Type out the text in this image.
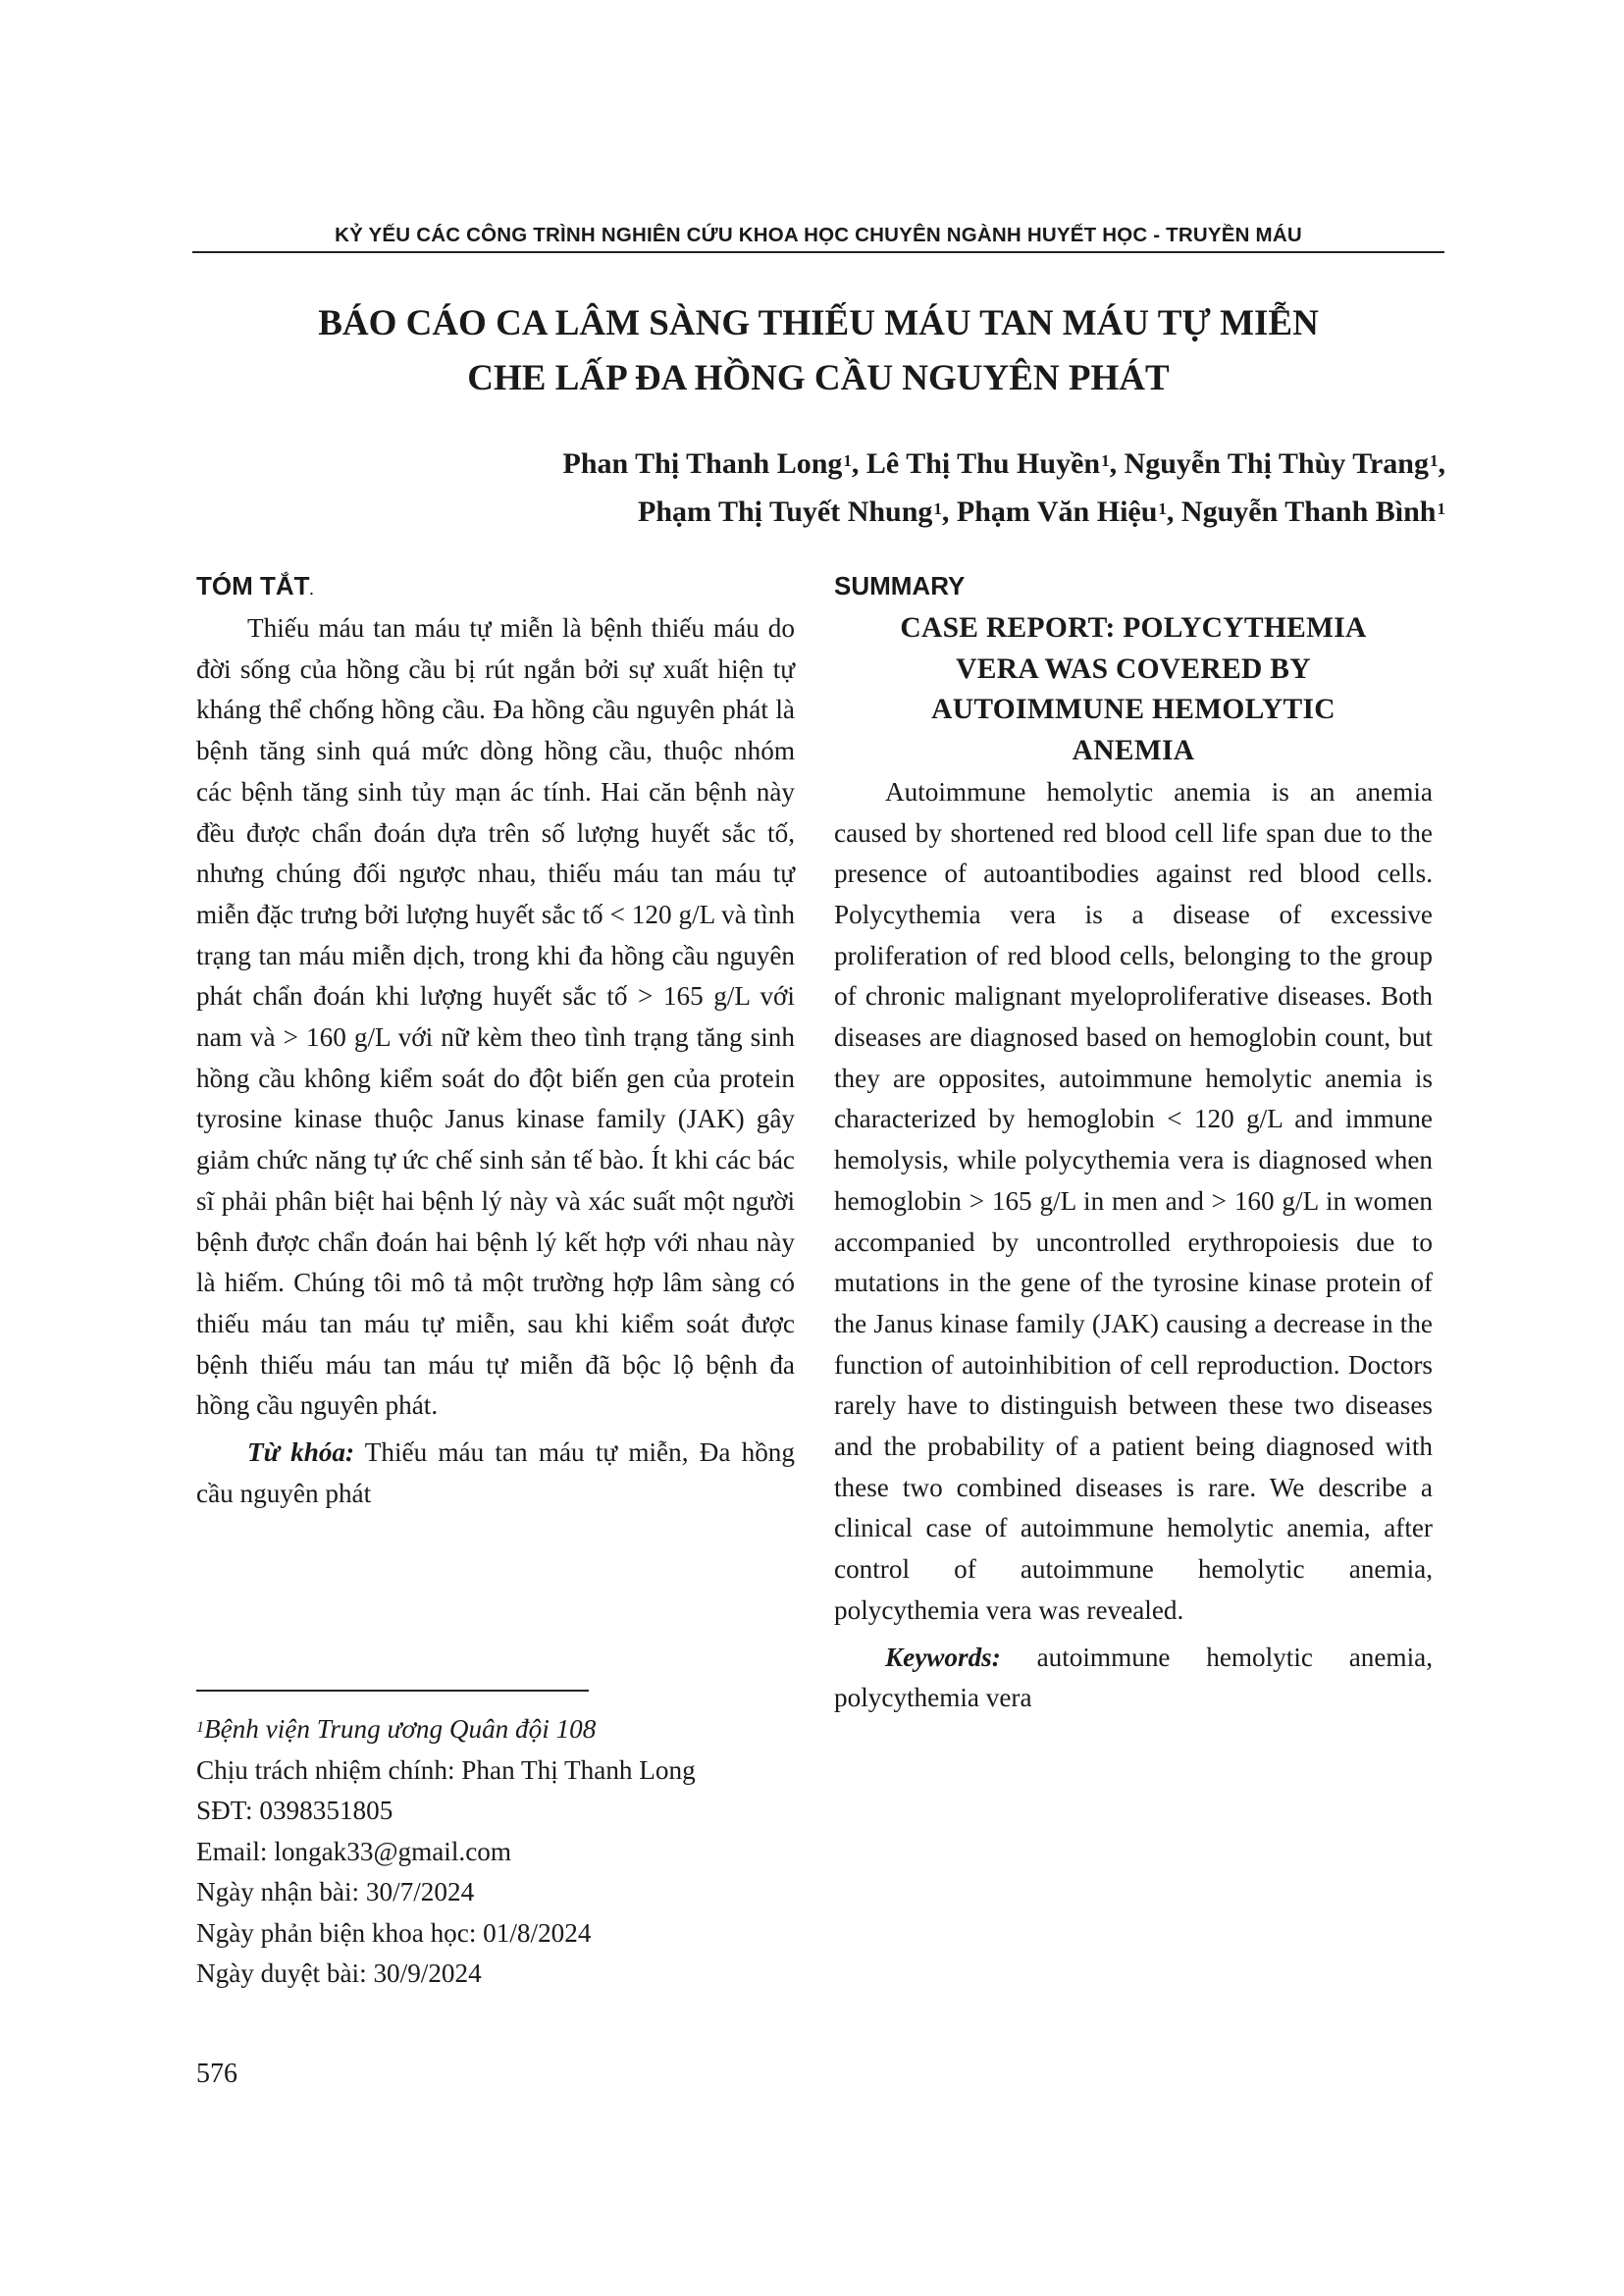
KỶ YẾU CÁC CÔNG TRÌNH NGHIÊN CỨU KHOA HỌC CHUYÊN NGÀNH HUYẾT HỌC - TRUYỀN MÁU
BÁO CÁO CA LÂM SÀNG THIẾU MÁU TAN MÁU TỰ MIỄN
CHE LẤP ĐA HỒNG CẦU NGUYÊN PHÁT
Phan Thị Thanh Long$^1$, Lê Thị Thu Huyền$^1$, Nguyễn Thị Thùy Trang$^1$,
Phạm Thị Tuyết Nhung$^1$, Phạm Văn Hiệu$^1$, Nguyễn Thanh Bình$^1$
TÓM TẮT.

Thiếu máu tan máu tự miễn là bệnh thiếu máu do đời sống của hồng cầu bị rút ngắn bởi sự xuất hiện tự kháng thể chống hồng cầu. Đa hồng cầu nguyên phát là bệnh tăng sinh quá mức dòng hồng cầu, thuộc nhóm các bệnh tăng sinh tủy mạn ác tính. Hai căn bệnh này đều được chẩn đoán dựa trên số lượng huyết sắc tố, nhưng chúng đối ngược nhau, thiếu máu tan máu tự miễn đặc trưng bởi lượng huyết sắc tố < 120 g/L và tình trạng tan máu miễn dịch, trong khi đa hồng cầu nguyên phát chẩn đoán khi lượng huyết sắc tố > 165 g/L với nam và > 160 g/L với nữ kèm theo tình trạng tăng sinh hồng cầu không kiểm soát do đột biến gen của protein tyrosine kinase thuộc Janus kinase family (JAK) gây giảm chức năng tự ức chế sinh sản tế bào. Ít khi các bác sĩ phải phân biệt hai bệnh lý này và xác suất một người bệnh được chẩn đoán hai bệnh lý kết hợp với nhau này là hiếm. Chúng tôi mô tả một trường hợp lâm sàng có thiếu máu tan máu tự miễn, sau khi kiểm soát được bệnh thiếu máu tan máu tự miễn đã bộc lộ bệnh đa hồng cầu nguyên phát.

Từ khóa: Thiếu máu tan máu tự miễn, Đa hồng cầu nguyên phát

SUMMARY
CASE REPORT: POLYCYTHEMIA
VERA WAS COVERED BY
AUTOIMMUNE HEMOLYTIC
ANEMIA

Autoimmune hemolytic anemia is an anemia caused by shortened red blood cell life span due to the presence of autoantibodies against red blood cells. Polycythemia vera is a disease of excessive proliferation of red blood cells, belonging to the group of chronic malignant myeloproliferative diseases. Both diseases are diagnosed based on hemoglobin count, but they are opposites, autoimmune hemolytic anemia is characterized by hemoglobin < 120 g/L and immune hemolysis, while polycythemia vera is diagnosed when hemoglobin > 165 g/L in men and > 160 g/L in women accompanied by uncontrolled erythropoiesis due to mutations in the gene of the tyrosine kinase protein of the Janus kinase family (JAK) causing a decrease in the function of autoinhibition of cell reproduction. Doctors rarely have to distinguish between these two diseases and the probability of a patient being diagnosed with these two combined diseases is rare. We describe a clinical case of autoimmune hemolytic anemia, after control of autoimmune hemolytic anemia, polycythemia vera was revealed.

Keywords: autoimmune hemolytic anemia, polycythemia vera

$^1$Bệnh viện Trung ương Quân đội 108
Chịu trách nhiệm chính: Phan Thị Thanh Long
SĐT: 0398351805
Email: longak33@gmail.com
Ngày nhận bài: 30/7/2024
Ngày phản biện khoa học: 01/8/2024
Ngày duyệt bài: 30/9/2024
576
